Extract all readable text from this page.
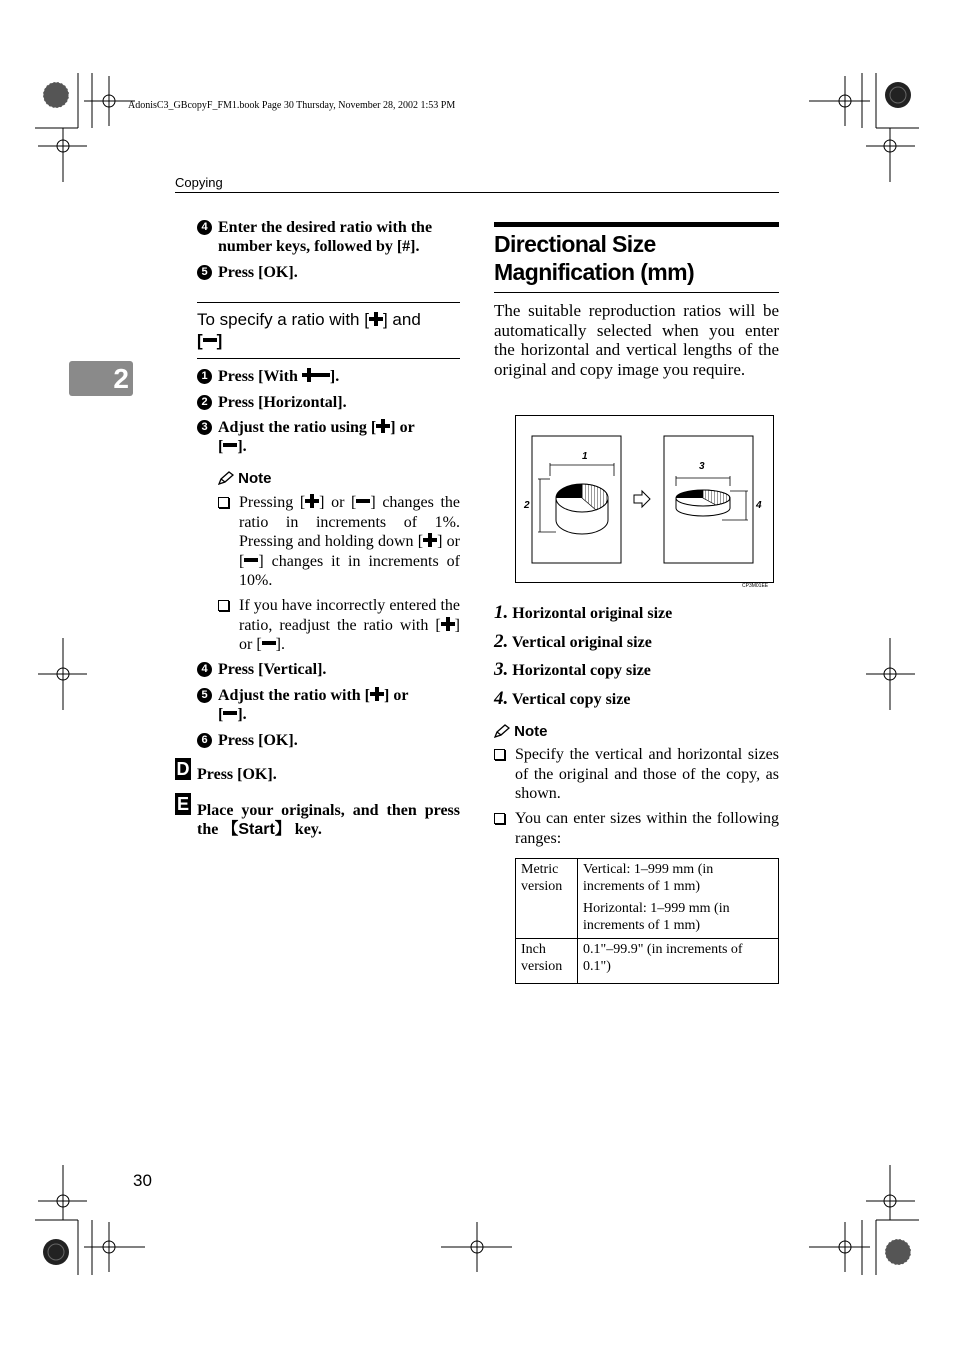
AdonisC3_GBcopyF_FM1.book Page 30 Thursday, November 28, 2002 1:53 PM
Copying
2
4 Enter the desired ratio with the number keys, followed by [#].
5 Press [OK].
To specify a ratio with [ ] and
[ ]
1 Press [With ].
2 Press [Horizontal].
3 Adjust the ratio using [ ] or
[ ].
Note
Pressing [ ] or [ ] changes the ratio in increments of 1%. Pressing and holding down [ ] or [ ] changes it in increments of 10%.
If you have incorrectly entered the ratio, readjust the ratio with [ ] or [ ].
4 Press [Vertical].
5 Adjust the ratio with [ ] or
[ ].
6 Press [OK].
D Press [OK].
E Place your originals, and then press the 【Start】 key.
Directional Size Magnification (mm)
The suitable reproduction ratios will be automatically selected when you enter the horizontal and vertical lengths of the original and copy image you require.
1
2
3
4
CP3M01EE
1. Horizontal original size
2. Vertical original size
3. Horizontal copy size
4. Vertical copy size
Note
Specify the vertical and horizontal sizes of the original and those of the copy, as shown.
You can enter sizes within the following ranges:
Metric version	Vertical: 1–999 mm (in increments of 1 mm)
Horizontal: 1–999 mm (in increments of 1 mm)

Inch version	0.1"–99.9" (in increments of 0.1")
30
